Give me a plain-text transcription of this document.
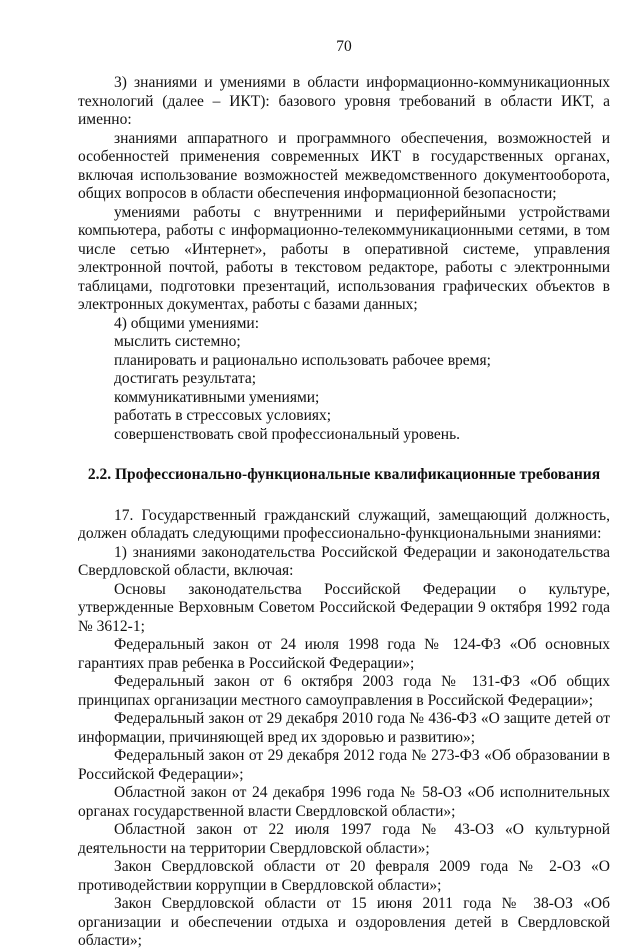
70

3) знаниями и умениями в области информационно-коммуникационных технологий (далее – ИКТ): базового уровня требований в области ИКТ, а именно:

знаниями аппаратного и программного обеспечения, возможностей и особенностей применения современных ИКТ в государственных органах, включая использование возможностей межведомственного документооборота, общих вопросов в области обеспечения информационной безопасности;

умениями работы с внутренними и периферийными устройствами компьютера, работы с информационно-телекоммуникационными сетями, в том числе сетью «Интернет», работы в оперативной системе, управления электронной почтой, работы в текстовом редакторе, работы с электронными таблицами, подготовки презентаций, использования графических объектов в электронных документах, работы с базами данных;

4) общими умениями:

мыслить системно;

планировать и рационально использовать рабочее время;

достигать результата;

коммуникативными умениями;

работать в стрессовых условиях;

совершенствовать свой профессиональный уровень.

2.2. Профессионально-функциональные квалификационные требования

17. Государственный гражданский служащий, замещающий должность, должен обладать следующими профессионально-функциональными знаниями:

1) знаниями законодательства Российской Федерации и законодательства Свердловской области, включая:

Основы законодательства Российской Федерации о культуре, утвержденные Верховным Советом Российской Федерации 9 октября 1992 года № 3612-1;

Федеральный закон от 24 июля 1998 года № 124-ФЗ «Об основных гарантиях прав ребенка в Российской Федерации»;

Федеральный закон от 6 октября 2003 года № 131-ФЗ «Об общих принципах организации местного самоуправления в Российской Федерации»;

Федеральный закон от 29 декабря 2010 года № 436-ФЗ «О защите детей от информации, причиняющей вред их здоровью и развитию»;

Федеральный закон от 29 декабря 2012 года № 273-ФЗ «Об образовании в Российской Федерации»;

Областной закон от 24 декабря 1996 года № 58-ОЗ «Об исполнительных органах государственной власти Свердловской области»;

Областной закон от 22 июля 1997 года № 43-ОЗ «О культурной деятельности на территории Свердловской области»;

Закон Свердловской области от 20 февраля 2009 года № 2-ОЗ «О противодействии коррупции в Свердловской области»;

Закон Свердловской области от 15 июня 2011 года № 38-ОЗ «Об организации и обеспечении отдыха и оздоровления детей в Свердловской области»;
